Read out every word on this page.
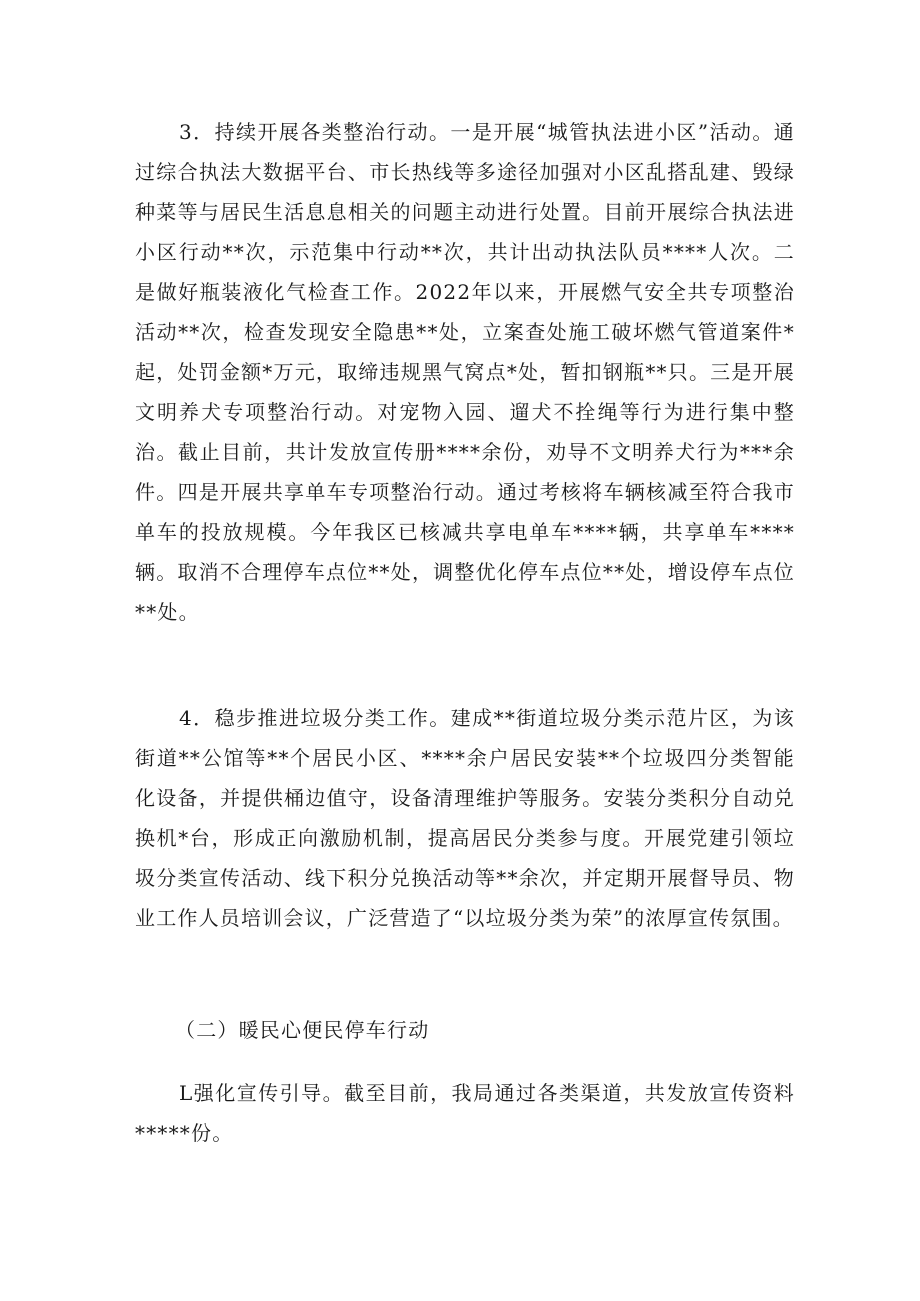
3．持续开展各类整治行动。一是开展“城管执法进小区”活动。通过综合执法大数据平台、市长热线等多途径加强对小区乱搭乱建、毁绿种菜等与居民生活息息相关的问题主动进行处置。目前开展综合执法进小区行动**次，示范集中行动**次，共计出动执法队员****人次。二是做好瓶装液化气检查工作。2022年以来，开展燃气安全共专项整治活动**次，检查发现安全隐患**处，立案查处施工破坏燃气管道案件*起，处罚金额*万元，取缔违规黑气窝点*处，暂扣钢瓶**只。三是开展文明养犬专项整治行动。对宠物入园、遛犬不拴绳等行为进行集中整治。截止目前，共计发放宣传册****余份，劝导不文明养犬行为***余件。四是开展共享单车专项整治行动。通过考核将车辆核减至符合我市单车的投放规模。今年我区已核减共享电单车****辆，共享单车****辆。取消不合理停车点位**处，调整优化停车点位**处，增设停车点位**处。

4．稳步推进垃圾分类工作。建成**街道垃圾分类示范片区，为该街道**公馆等**个居民小区、****余户居民安装**个垃圾四分类智能化设备，并提供桶边值守，设备清理维护等服务。安装分类积分自动兑换机*台，形成正向激励机制，提高居民分类参与度。开展党建引领垃圾分类宣传活动、线下积分兑换活动等**余次，并定期开展督导员、物业工作人员培训会议，广泛营造了“以垃圾分类为荣”的浓厚宣传氛围。

（二）暖民心便民停车行动

L强化宣传引导。截至目前，我局通过各类渠道，共发放宣传资料*****份。
